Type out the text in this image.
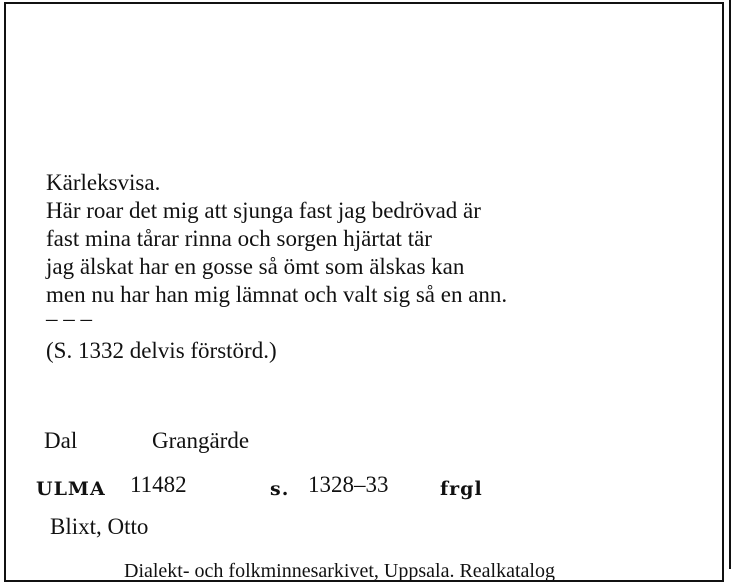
Kärleksvisa.
Här roar det mig att sjunga fast jag bedrövad är
fast mina tårar rinna och sorgen hjärtat tär
jag älskat har en gosse så ömt som älskas kan
men nu har han mig lämnat och valt sig så en ann.
– – –
(S. 1332 delvis förstörd.)
Dal	Grangärde
ULMA 11482	s. 1328–33	frgl
Blixt, Otto
Dialekt- och folkminnesarkivet, Uppsala. Realkatalog
